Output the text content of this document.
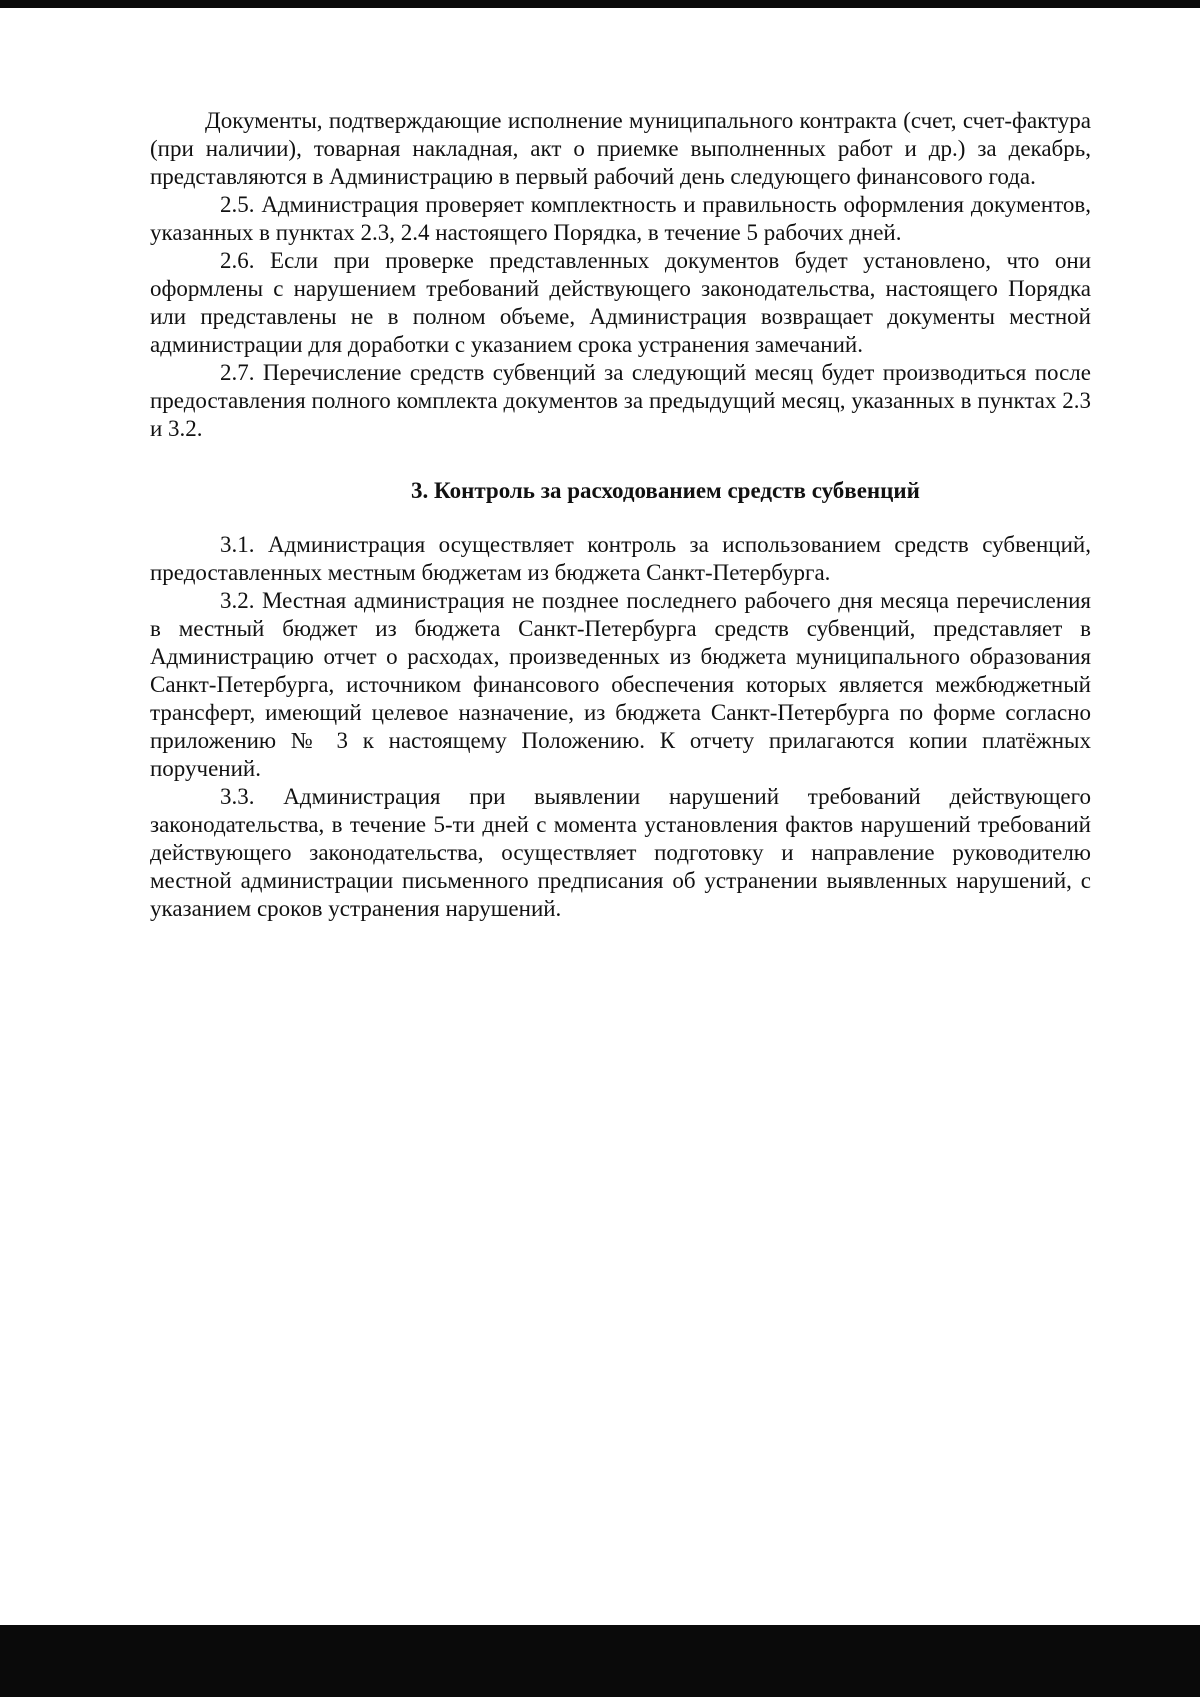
Документы, подтверждающие исполнение муниципального контракта (счет, счет-фактура (при наличии), товарная накладная, акт о приемке выполненных работ и др.) за декабрь, представляются в Администрацию в первый рабочий день следующего финансового года.

2.5. Администрация проверяет комплектность и правильность оформления документов, указанных в пунктах 2.3, 2.4 настоящего Порядка, в течение 5 рабочих дней.

2.6. Если при проверке представленных документов будет установлено, что они оформлены с нарушением требований действующего законодательства, настоящего Порядка или представлены не в полном объеме, Администрация возвращает документы местной администрации для доработки с указанием срока устранения замечаний.

2.7. Перечисление средств субвенций за следующий месяц будет производиться после предоставления полного комплекта документов за предыдущий месяц, указанных в пунктах 2.3 и 3.2.

3. Контроль за расходованием средств субвенций

3.1. Администрация осуществляет контроль за использованием средств субвенций, предоставленных местным бюджетам из бюджета Санкт-Петербурга.

3.2. Местная администрация не позднее последнего рабочего дня месяца перечисления в местный бюджет из бюджета Санкт-Петербурга средств субвенций, представляет в Администрацию отчет о расходах, произведенных из бюджета муниципального образования Санкт-Петербурга, источником финансового обеспечения которых является межбюджетный трансферт, имеющий целевое назначение, из бюджета Санкт-Петербурга по форме согласно приложению № 3 к настоящему Положению. К отчету прилагаются копии платёжных поручений.

3.3. Администрация при выявлении нарушений требований действующего законодательства, в течение 5-ти дней с момента установления фактов нарушений требований действующего законодательства, осуществляет подготовку и направление руководителю местной администрации письменного предписания об устранении выявленных нарушений, с указанием сроков устранения нарушений.
